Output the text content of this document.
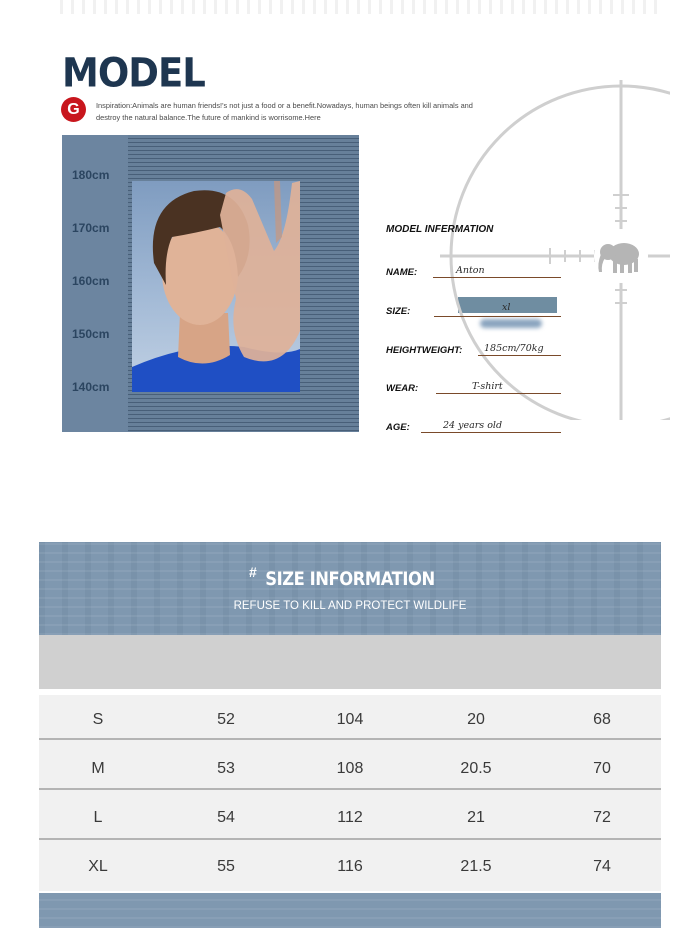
MODEL
G	Inspiration:Animals are human friends!'s not just a food or a benefit.Nowadays, human beings often kill animals and destroy the natural balance.The future of mankind is worrisome.Here

180cm
170cm
160cm
150cm
140cm
MODEL INFERMATION
NAME:	Anton
SIZE:	xl
HEIGHTWEIGHT: 185cm/70kg
WEAR:	T-shirt
AGE:	24 years old
# SIZE INFORMATION
REFUSE TO KILL AND PROTECT WILDLIFE
S	52	104	20	68
M	53	108	20.5	70
L	54	112	21	72
XL	55	116	21.5	74
